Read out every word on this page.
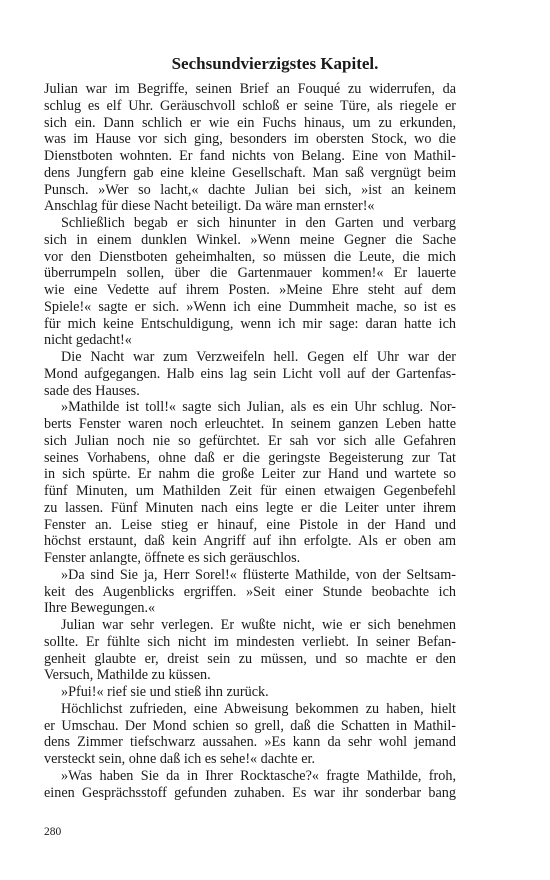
Sechsundvierzigstes Kapitel.
Julian war im Begriffe, seinen Brief an Fouqué zu widerrufen, da
schlug es elf Uhr. Geräuschvoll schloß er seine Türe, als riegele er
sich ein. Dann schlich er wie ein Fuchs hinaus, um zu erkunden,
was im Hause vor sich ging, besonders im obersten Stock, wo die
Dienstboten wohnten. Er fand nichts von Belang. Eine von Mathil-
dens Jungfern gab eine kleine Gesellschaft. Man saß vergnügt beim
Punsch. »Wer so lacht,« dachte Julian bei sich, »ist an keinem
Anschlag für diese Nacht beteiligt. Da wäre man ernster!«
Schließlich begab er sich hinunter in den Garten und verbarg
sich in einem dunklen Winkel. »Wenn meine Gegner die Sache
vor den Dienstboten geheimhalten, so müssen die Leute, die mich
überrumpeln sollen, über die Gartenmauer kommen!« Er lauerte
wie eine Vedette auf ihrem Posten. »Meine Ehre steht auf dem
Spiele!« sagte er sich. »Wenn ich eine Dummheit mache, so ist es
für mich keine Entschuldigung, wenn ich mir sage: daran hatte ich
nicht gedacht!«
Die Nacht war zum Verzweifeln hell. Gegen elf Uhr war der
Mond aufgegangen. Halb eins lag sein Licht voll auf der Gartenfas-
sade des Hauses.
»Mathilde ist toll!« sagte sich Julian, als es ein Uhr schlug. Nor-
berts Fenster waren noch erleuchtet. In seinem ganzen Leben hatte
sich Julian noch nie so gefürchtet. Er sah vor sich alle Gefahren
seines Vorhabens, ohne daß er die geringste Begeisterung zur Tat
in sich spürte. Er nahm die große Leiter zur Hand und wartete so
fünf Minuten, um Mathilden Zeit für einen etwaigen Gegenbefehl
zu lassen. Fünf Minuten nach eins legte er die Leiter unter ihrem
Fenster an. Leise stieg er hinauf, eine Pistole in der Hand und
höchst erstaunt, daß kein Angriff auf ihn erfolgte. Als er oben am
Fenster anlangte, öffnete es sich geräuschlos.
»Da sind Sie ja, Herr Sorel!« flüsterte Mathilde, von der Seltsam-
keit des Augenblicks ergriffen. »Seit einer Stunde beobachte ich
Ihre Bewegungen.«
Julian war sehr verlegen. Er wußte nicht, wie er sich benehmen
sollte. Er fühlte sich nicht im mindesten verliebt. In seiner Befan-
genheit glaubte er, dreist sein zu müssen, und so machte er den
Versuch, Mathilde zu küssen.
»Pfui!« rief sie und stieß ihn zurück.
Höchlichst zufrieden, eine Abweisung bekommen zu haben, hielt
er Umschau. Der Mond schien so grell, daß die Schatten in Mathil-
dens Zimmer tiefschwarz aussahen. »Es kann da sehr wohl jemand
versteckt sein, ohne daß ich es sehe!« dachte er.
»Was haben Sie da in Ihrer Rocktasche?« fragte Mathilde, froh,
einen Gesprächsstoff gefunden zuhaben. Es war ihr sonderbar bang
280
